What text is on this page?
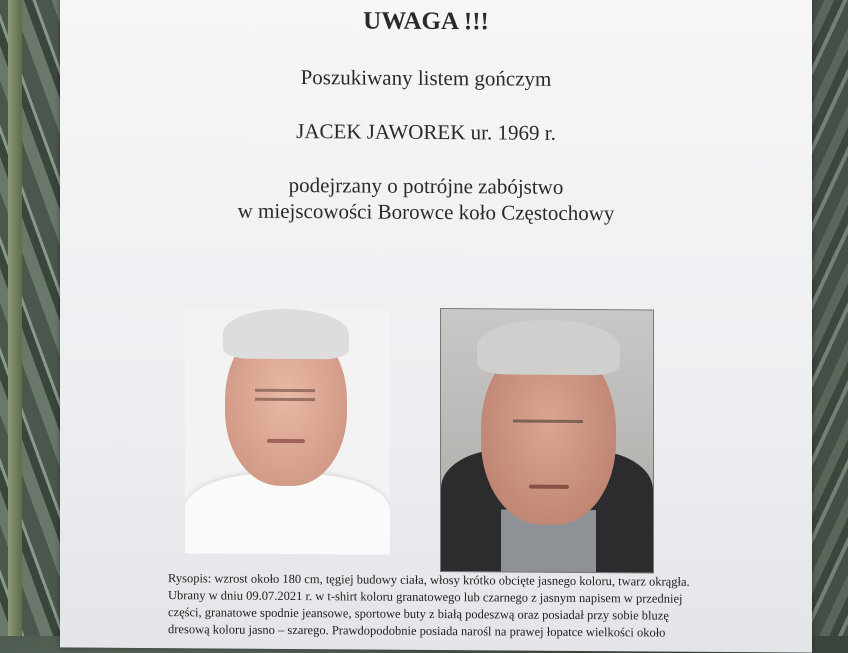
UWAGA !!!
Poszukiwany listem gończym
JACEK JAWOREK ur. 1969 r.
podejrzany o potrójne zabójstwo
w miejscowości Borowce koło Częstochowy

Rysopis: wzrost około 180 cm, tęgiej budowy ciała, włosy krótko obcięte jasnego koloru, twarz okrągła.

Ubrany w dniu 09.07.2021 r. w t-shirt koloru granatowego lub czarnego z jasnym napisem w przedniej

części, granatowe spodnie jeansowe, sportowe buty z białą podeszwą oraz posiadał przy sobie bluzę

dresową koloru jasno – szarego. Prawdopodobnie posiada narośl na prawej łopatce wielkości około
